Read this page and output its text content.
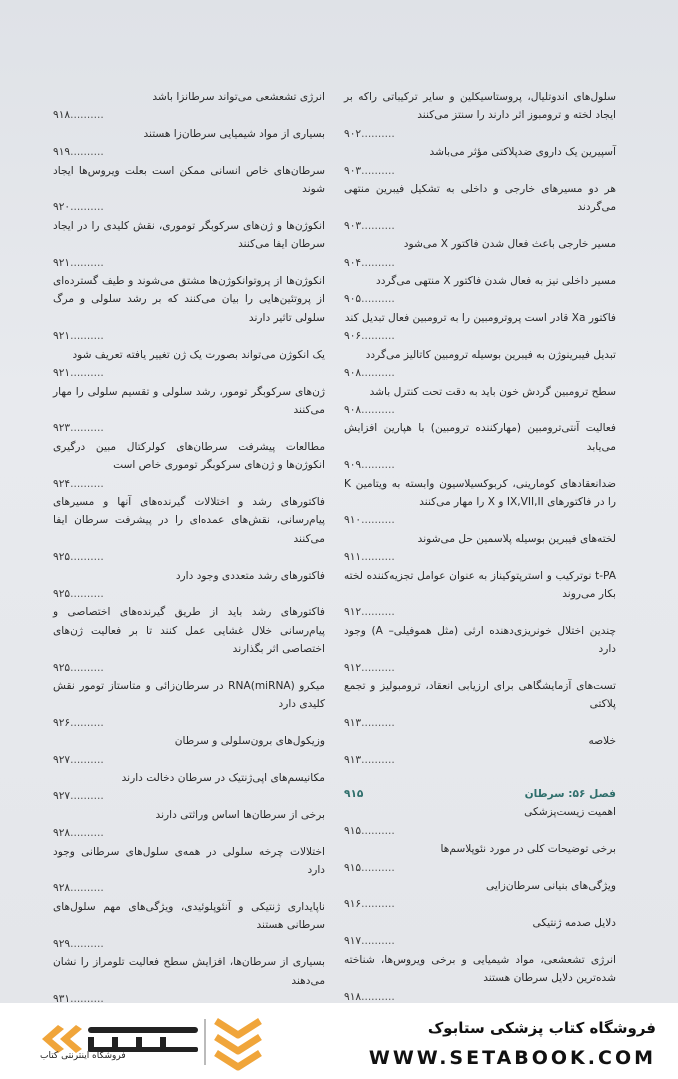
سلول‌های اندوتلیال، پروستاسیکلین و سایر ترکیباتی راکه بر ایجاد لخته و ترومبوز اثر دارند را سنتز می‌کنند
۹۰۲..........

آسپیرین یک داروی ضدپلاکتی مؤثر می‌باشد
۹۰۳..........

هر دو مسیرهای خارجی و داخلی به تشکیل فیبرین منتهی می‌گردند
۹۰۳..........

مسیر خارجی باعث فعال شدن فاکتور X می‌شود
۹۰۴..........

مسیر داخلی نیز به فعال شدن فاکتور X منتهی می‌گردد
۹۰۵..........

فاکتور Xa قادر است پروترومبین را به ترومبین فعال تبدیل کند
۹۰۶..........

تبدیل فیبرینوژن به فیبرین بوسیله ترومبین کاتالیز می‌گردد
۹۰۸..........

سطح ترومبین گردش خون باید به دقت تحت کنترل باشد
۹۰۸..........

فعالیت آنتی‌ترومبین (مهارکننده ترومبین) با هپارین افزایش می‌یابد
۹۰۹..........

ضدانعقادهای کومارینی، کربوکسیلاسیون وابسته به ویتامین K را در فاکتورهای IX,VII,II و X را مهار می‌کنند
۹۱۰..........

لخته‌های فیبرین بوسیله پلاسمین حل می‌شوند
۹۱۱..........

t-PA نوترکیب و استرپتوکیناز به عنوان عوامل تجزیه‌کننده لخته بکار می‌روند
۹۱۲..........

چندین اختلال خونریزی‌دهنده ارثی (مثل هموفیلی– A) وجود دارد
۹۱۲..........

تست‌های آزمایشگاهی برای ارزیابی انعقاد، ترومبولیز و تجمع پلاکتی
۹۱۳..........

خلاصه
۹۱۳..........

فصل ۵۶: سرطان
۹۱۵

اهمیت زیست‌پزشکی
۹۱۵..........

برخی توضیحات کلی در مورد نئوپلاسم‌ها
۹۱۵..........

ویژگی‌های بنیانی سرطان‌زایی
۹۱۶..........

دلایل صدمه ژنتیکی
۹۱۷..........

انرژی تشعشعی، مواد شیمیایی و برخی ویروس‌ها، شناخته شده‌ترین دلایل سرطان هستند
۹۱۸..........

انرژی تشعشعی می‌تواند سرطانزا باشد
۹۱۸..........

بسیاری از مواد شیمیایی سرطان‌زا هستند
۹۱۹..........

سرطان‌های خاص انسانی ممکن است بعلت ویروس‌ها ایجاد شوند
۹۲۰..........

انکوژن‌ها و ژن‌های سرکوبگر توموری، نقش کلیدی را در ایجاد سرطان ایفا می‌کنند
۹۲۱..........

انکوژن‌ها از پروتوانکوژن‌ها مشتق می‌شوند و طیف گسترده‌ای از پروتئین‌هایی را بیان می‌کنند که بر رشد سلولی و مرگ سلولی تاثیر دارند
۹۲۱..........

یک انکوژن می‌تواند بصورت یک ژن تغییر یافته تعریف شود
۹۲۱..........

ژن‌های سرکوبگر تومور، رشد سلولی و تقسیم سلولی را مهار می‌کنند
۹۲۳..........

مطالعات پیشرفت سرطان‌های کولرکتال مبین درگیری انکوژن‌ها و ژن‌های سرکوبگر توموری خاص است
۹۲۴..........

فاکتورهای رشد و اختلالات گیرنده‌های آنها و مسیرهای پیام‌رسانی، نقش‌های عمده‌ای را در پیشرفت سرطان ایفا می‌کنند
۹۲۵..........

فاکتورهای رشد متعددی وجود دارد
۹۲۵..........

فاکتورهای رشد باید از طریق گیرنده‌های اختصاصی و پیام‌رسانی خلال غشایی عمل کنند تا بر فعالیت ژن‌های اختصاصی اثر بگذارند
۹۲۵..........

میکرو RNA(miRNA) در سرطان‌زائی و متاستاز تومور نقش کلیدی دارد
۹۲۶..........

وزیکول‌های برون‌سلولی و سرطان
۹۲۷..........

مکانیسم‌های اپی‌ژنتیک در سرطان دخالت دارند
۹۲۷..........

برخی از سرطان‌ها اساس وراثتی دارند
۹۲۸..........

اختلالات چرخه سلولی در همه‌ی سلول‌های سرطانی وجود دارد
۹۲۸..........

ناپایداری ژنتیکی و آنئوپلوئیدی، ویژگی‌های مهم سلول‌های سرطانی هستند
۹۲۹..........

بسیاری از سرطان‌ها، افزایش سطح فعالیت تلومراز را نشان می‌دهند
۹۳۱..........

فروشگاه اینترنتی کتاب
فروشگاه کتاب پزشکی ستابوک
WWW.SETABOOK.COM
